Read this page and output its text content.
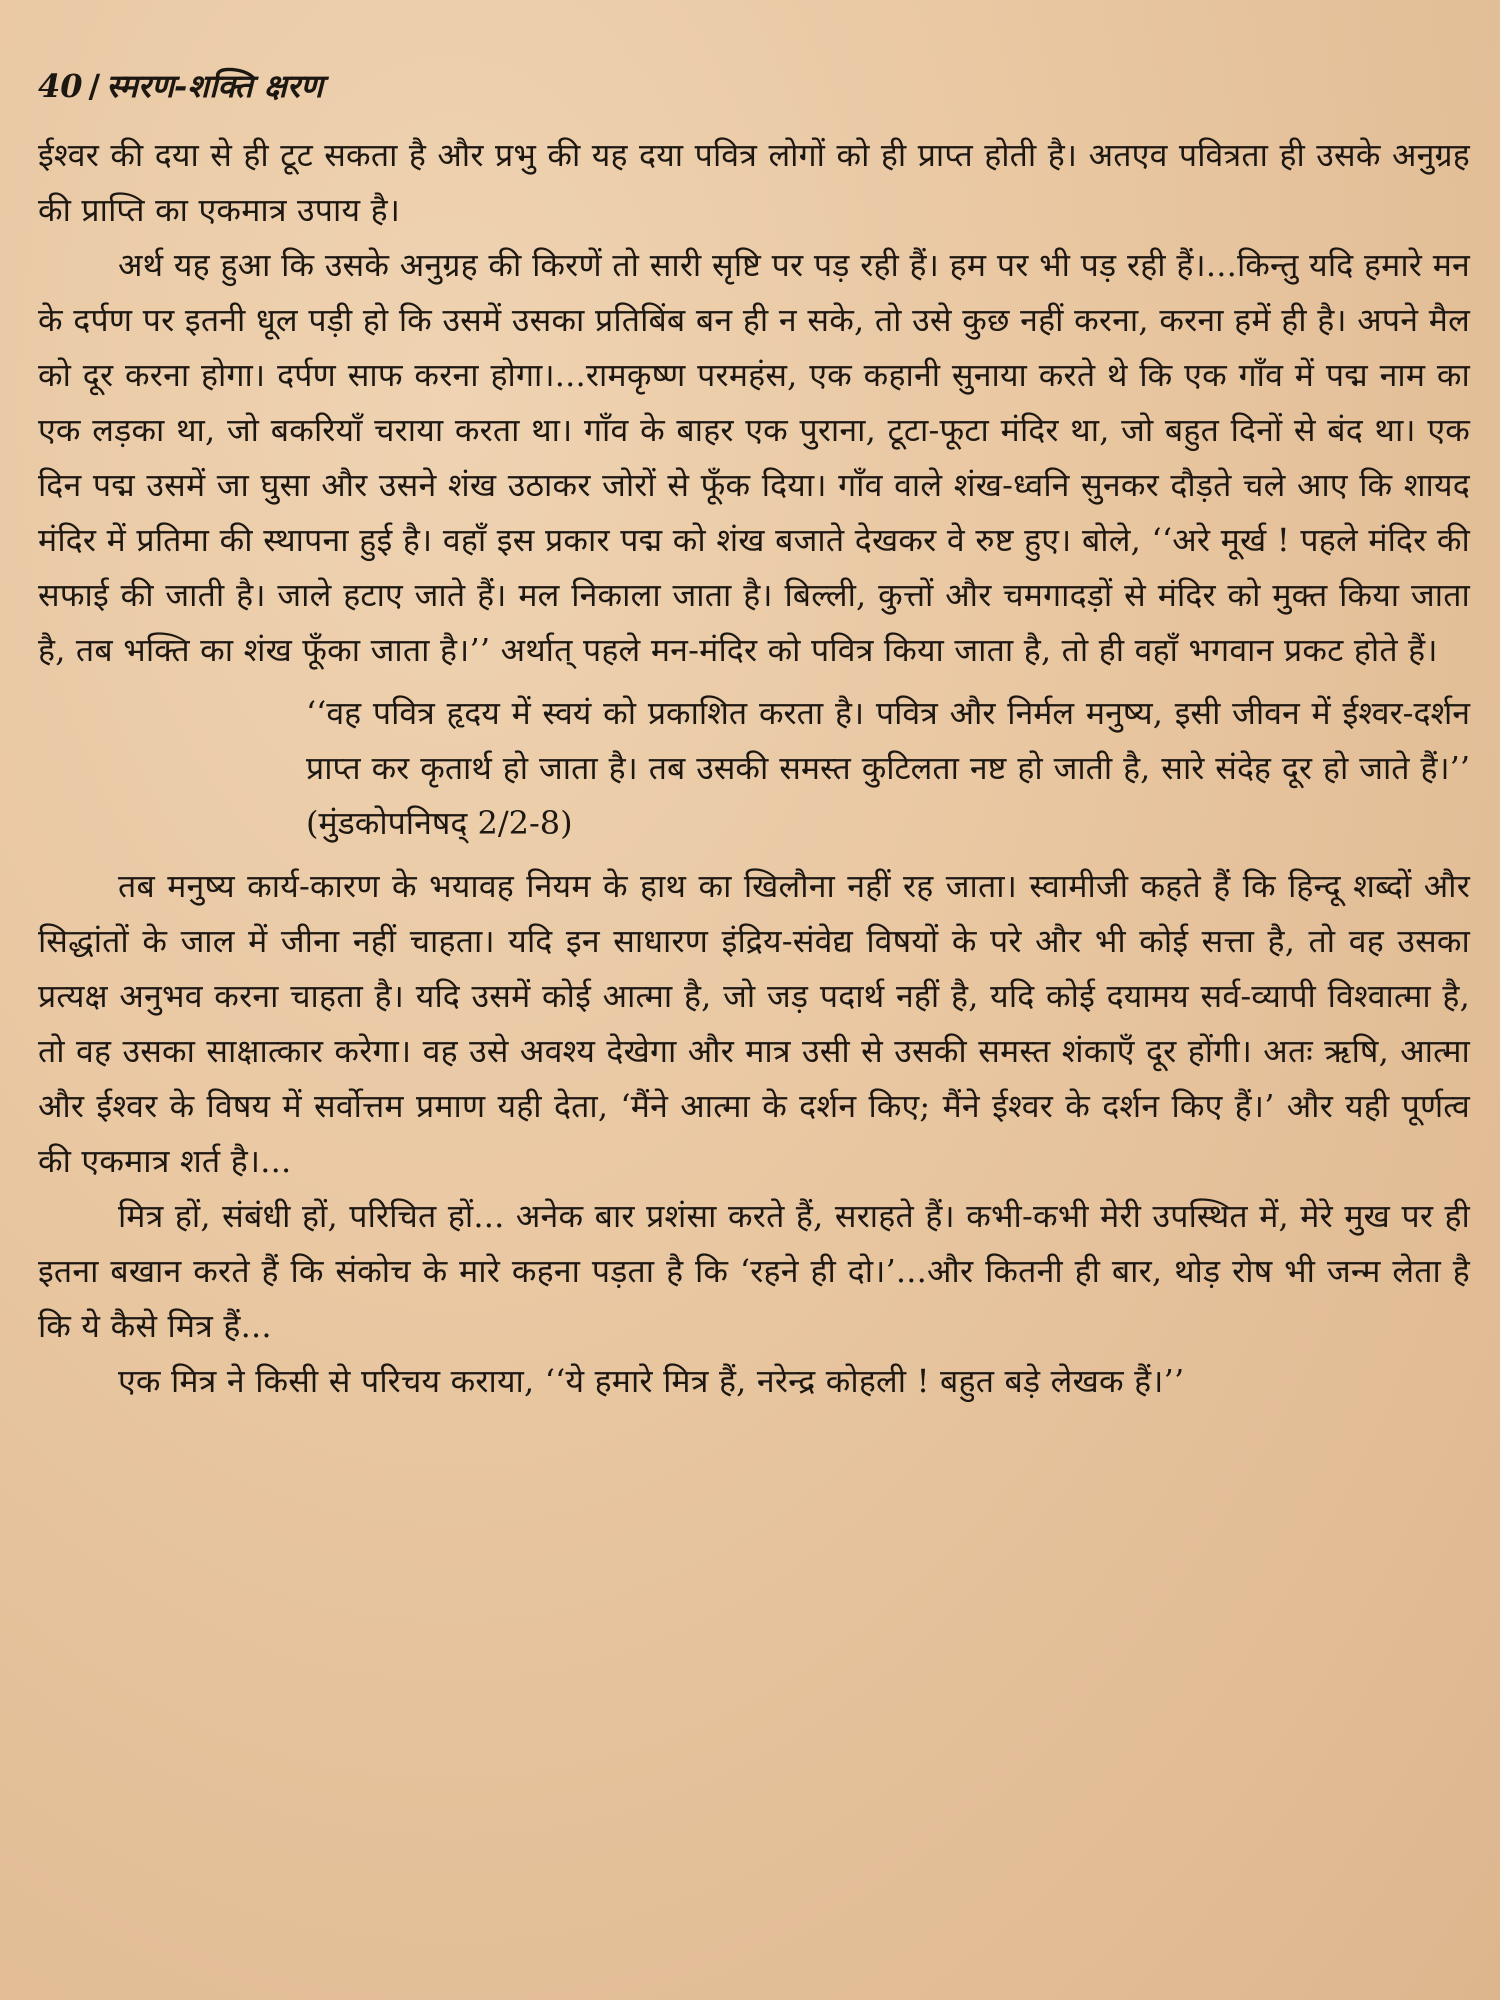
40 / स्मरण-शक्ति क्षरण

ईश्वर की दया से ही टूट सकता है और प्रभु की यह दया पवित्र लोगों को ही प्राप्त होती है। अतएव पवित्रता ही उसके अनुग्रह की प्राप्ति का एकमात्र उपाय है।

अर्थ यह हुआ कि उसके अनुग्रह की किरणें तो सारी सृष्टि पर पड़ रही हैं। हम पर भी पड़ रही हैं।...किन्तु यदि हमारे मन के दर्पण पर इतनी धूल पड़ी हो कि उसमें उसका प्रतिबिंब बन ही न सके, तो उसे कुछ नहीं करना, करना हमें ही है। अपने मैल को दूर करना होगा। दर्पण साफ करना होगा।...रामकृष्ण परमहंस, एक कहानी सुनाया करते थे कि एक गाँव में पद्म नाम का एक लड़का था, जो बकरियाँ चराया करता था। गाँव के बाहर एक पुराना, टूटा-फूटा मंदिर था, जो बहुत दिनों से बंद था। एक दिन पद्म उसमें जा घुसा और उसने शंख उठाकर जोरों से फूँक दिया। गाँव वाले शंख-ध्वनि सुनकर दौड़ते चले आए कि शायद मंदिर में प्रतिमा की स्थापना हुई है। वहाँ इस प्रकार पद्म को शंख बजाते देखकर वे रुष्ट हुए। बोले, ‘‘अरे मूर्ख ! पहले मंदिर की सफाई की जाती है। जाले हटाए जाते हैं। मल निकाला जाता है। बिल्ली, कुत्तों और चमगादड़ों से मंदिर को मुक्त किया जाता है, तब भक्ति का शंख फूँका जाता है।’’ अर्थात् पहले मन-मंदिर को पवित्र किया जाता है, तो ही वहाँ भगवान प्रकट होते हैं।

‘‘वह पवित्र हृदय में स्वयं को प्रकाशित करता है। पवित्र और निर्मल मनुष्य, इसी जीवन में ईश्वर-दर्शन प्राप्त कर कृतार्थ हो जाता है। तब उसकी समस्त कुटिलता नष्ट हो जाती है, सारे संदेह दूर हो जाते हैं।’’ (मुंडकोपनिषद् 2/2-8)

तब मनुष्य कार्य-कारण के भयावह नियम के हाथ का खिलौना नहीं रह जाता। स्वामीजी कहते हैं कि हिन्दू शब्दों और सिद्धांतों के जाल में जीना नहीं चाहता। यदि इन साधारण इंद्रिय-संवेद्य विषयों के परे और भी कोई सत्ता है, तो वह उसका प्रत्यक्ष अनुभव करना चाहता है। यदि उसमें कोई आत्मा है, जो जड़ पदार्थ नहीं है, यदि कोई दयामय सर्व-व्यापी विश्वात्मा है, तो वह उसका साक्षात्कार करेगा। वह उसे अवश्य देखेगा और मात्र उसी से उसकी समस्त शंकाएँ दूर होंगी। अतः ऋषि, आत्मा और ईश्वर के विषय में सर्वोत्तम प्रमाण यही देता, ‘मैंने आत्मा के दर्शन किए; मैंने ईश्वर के दर्शन किए हैं।’ और यही पूर्णत्व की एकमात्र शर्त है।...

मित्र हों, संबंधी हों, परिचित हों... अनेक बार प्रशंसा करते हैं, सराहते हैं। कभी-कभी मेरी उपस्थित में, मेरे मुख पर ही इतना बखान करते हैं कि संकोच के मारे कहना पड़ता है कि ‘रहने ही दो।’...और कितनी ही बार, थोड़ रोष भी जन्म लेता है कि ये कैसे मित्र हैं...

एक मित्र ने किसी से परिचय कराया, ‘‘ये हमारे मित्र हैं, नरेन्द्र कोहली ! बहुत बड़े लेखक हैं।’’
